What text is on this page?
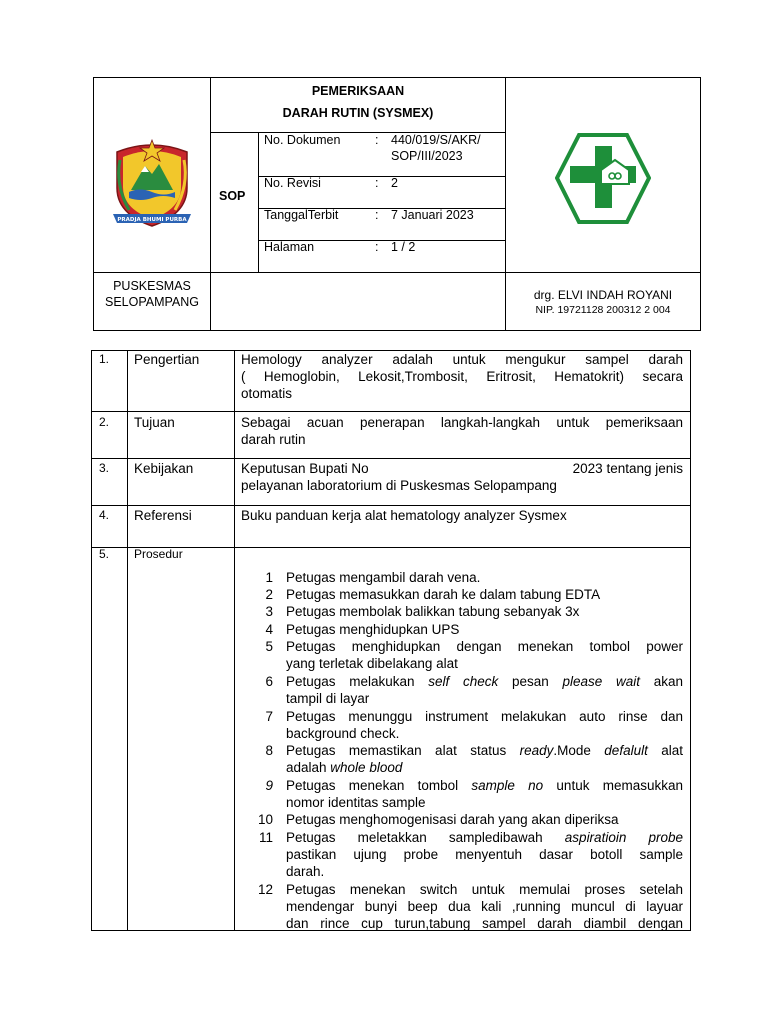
PEMERIKSAAN
DARAH RUTIN (SYSMEX)
SOP
No. Dokumen	: 440/019/S/AKR/
SOP/III/2023
No. Revisi	: 2
TanggalTerbit	: 7 Januari 2023
Halaman	: 1 / 2
PUSKESMAS
SELOPAMPANG	drg. ELVI INDAH ROYANI
NIP. 19721128 200312 2 004
PRADJA BHUMI PURBA
1. Pengertian	Hemology analyzer adalah untuk mengukur sampel darah
( Hemoglobin, Lekosit,Trombosit, Eritrosit, Hematokrit) secara
otomatis
2. Tujuan	Sebagai acuan penerapan langkah-langkah untuk pemeriksaan
darah rutin
3. Kebijakan	Keputusan Bupati No	2023 tentang jenis
pelayanan laboratorium di Puskesmas Selopampang
4. Referensi	Buku panduan kerja alat hematology analyzer Sysmex
5. Prosedur
1 Petugas mengambil darah vena.
2 Petugas memasukkan darah ke dalam tabung EDTA
3 Petugas membolak balikkan tabung sebanyak 3x
4 Petugas menghidupkan UPS
5 Petugas menghidupkan dengan menekan tombol power
yang terletak dibelakang alat
6 Petugas melakukan self check pesan please wait akan
tampil di layar
7 Petugas menunggu instrument melakukan auto rinse dan
background check.
8 Petugas memastikan alat status ready.Mode defalult alat
adalah whole blood
9 Petugas menekan tombol sample no untuk memasukkan
nomor identitas sample
10 Petugas menghomogenisasi darah yang akan diperiksa
11 Petugas meletakkan sampledibawah aspiratioin probe
pastikan ujung probe menyentuh dasar botoll sample
darah.
12 Petugas menekan switch untuk memulai proses setelah
mendengar bunyi beep dua kali ,running muncul di layuar
dan rince cup turun,tabung sampel darah diambil dengan
